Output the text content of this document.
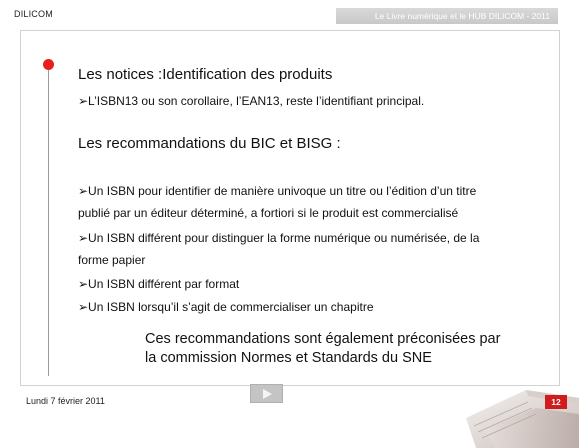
DILICOM	Le Livre numérique et le HUB DILICOM - 2011
Les notices :Identification des produits
➢L’ISBN13 ou son corollaire, l’EAN13, reste l’identifiant principal.
Les recommandations du BIC et BISG :
➢Un ISBN pour identifier de manière univoque un titre ou l’édition d’un titre
publié par un éditeur déterminé, a fortiori si le produit est commercialisé
➢Un ISBN différent pour distinguer la forme numérique ou numérisée, de la
forme papier
➢Un ISBN différent par format
➢Un ISBN lorsqu’il s’agit de commercialiser un chapitre
Ces recommandations sont également préconisées par
la commission Normes et Standards du SNE
Lundi 7 février 2011	12
